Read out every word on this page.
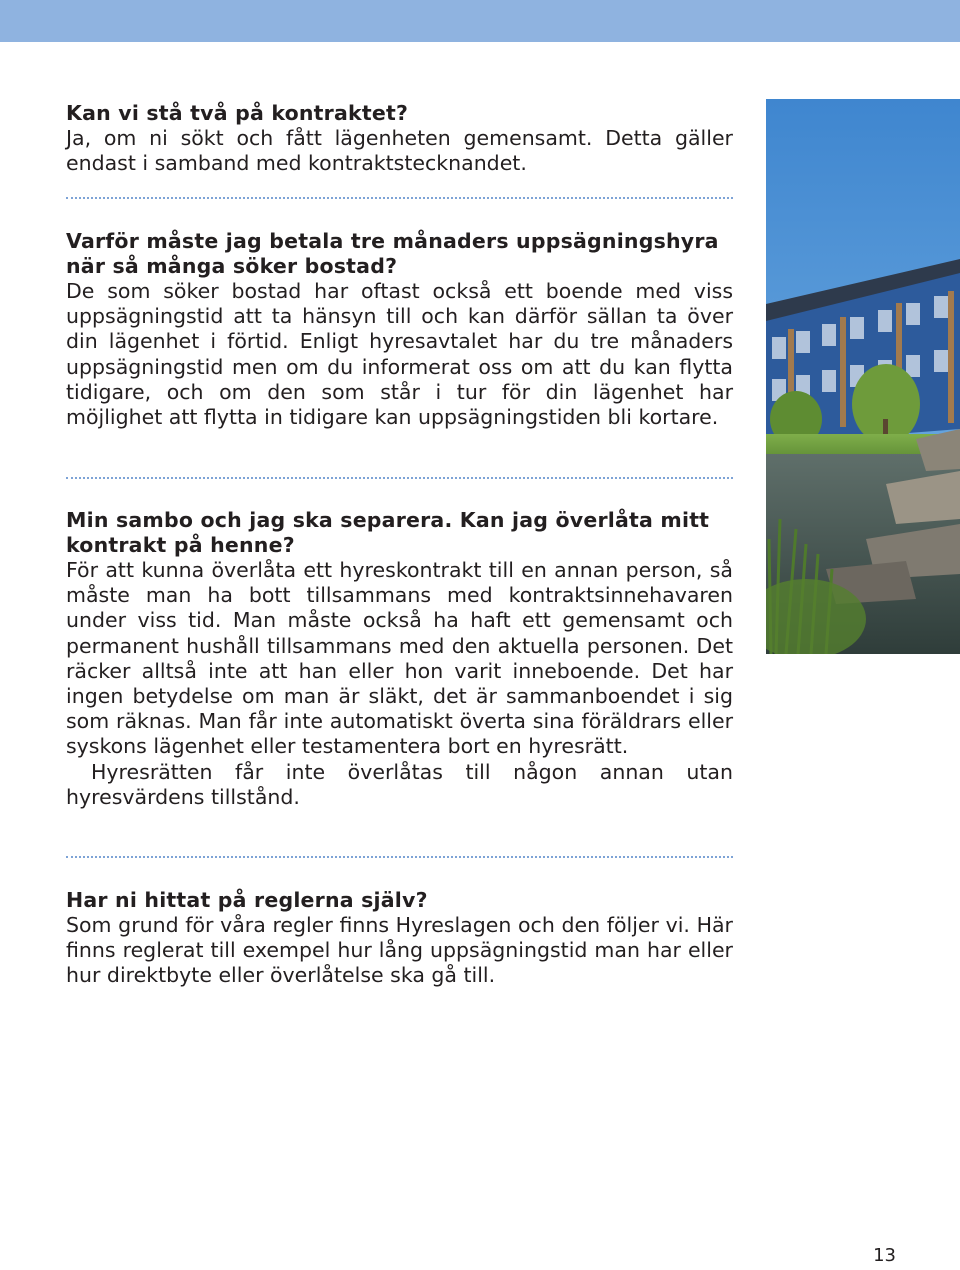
Kan vi stå två på kontraktet?

Ja, om ni sökt och fått lägenheten gemensamt. Detta gäller endast i samband med kontraktstecknandet.

Varför måste jag betala tre månaders uppsägningshyra när så många söker bostad?

De som söker bostad har oftast också ett boende med viss uppsägningstid att ta hänsyn till och kan därför sällan ta över din lägenhet i förtid. Enligt hyresavtalet har du tre månaders uppsägningstid men om du informerat oss om att du kan flytta tidigare, och om den som står i tur för din lägenhet har möjlighet att flytta in tidigare kan uppsägningstiden bli kortare.

Min sambo och jag ska separera. Kan jag överlåta mitt kontrakt på henne?

För att kunna överlåta ett hyreskontrakt till en annan person, så måste man ha bott tillsammans med kontraktsinnehavaren under viss tid. Man måste också ha haft ett gemensamt och permanent hushåll tillsammans med den aktuella personen. Det räcker alltså inte att han eller hon varit inneboende. Det har ingen betydelse om man är släkt, det är sammanboendet i sig som räknas. Man får inte automatiskt överta sina föräldrars eller syskons lägenhet eller testamentera bort en hyresrätt.

Hyresrätten får inte överlåtas till någon annan utan hyresvärdens tillstånd.

Har ni hittat på reglerna själv?

Som grund för våra regler finns Hyreslagen och den följer vi. Här finns reglerat till exempel hur lång uppsägningstid man har eller hur direktbyte eller överlåtelse ska gå till.

13
